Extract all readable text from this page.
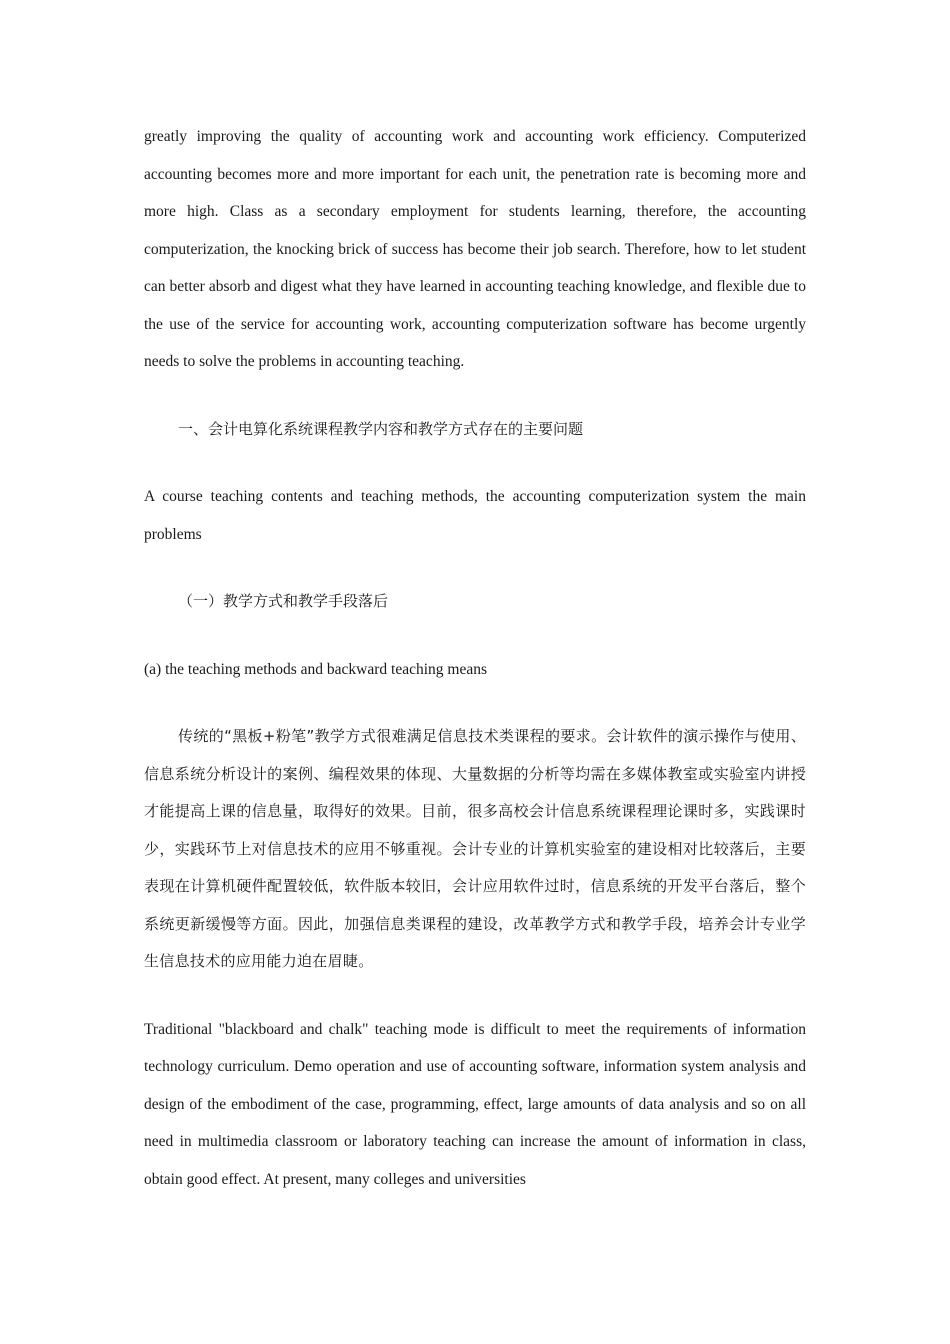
greatly improving the quality of accounting work and accounting work efficiency. Computerized accounting becomes more and more important for each unit, the penetration rate is becoming more and more high. Class as a secondary employment for students learning, therefore, the accounting computerization, the knocking brick of success has become their job search. Therefore, how to let student can better absorb and digest what they have learned in accounting teaching knowledge, and flexible due to the use of the service for accounting work, accounting computerization software has become urgently needs to solve the problems in accounting teaching.

一、会计电算化系统课程教学内容和教学方式存在的主要问题

A course teaching contents and teaching methods, the accounting computerization system the main problems

（一）教学方式和教学手段落后

(a) the teaching methods and backward teaching means

传统的“黑板+粉笔”教学方式很难满足信息技术类课程的要求。会计软件的演示操作与使用、信息系统分析设计的案例、编程效果的体现、大量数据的分析等均需在多媒体教室或实验室内讲授才能提高上课的信息量，取得好的效果。目前，很多高校会计信息系统课程理论课时多，实践课时少，实践环节上对信息技术的应用不够重视。会计专业的计算机实验室的建设相对比较落后，主要表现在计算机硬件配置较低，软件版本较旧，会计应用软件过时，信息系统的开发平台落后，整个系统更新缓慢等方面。因此，加强信息类课程的建设，改革教学方式和教学手段，培养会计专业学生信息技术的应用能力迫在眉睫。

Traditional "blackboard and chalk" teaching mode is difficult to meet the requirements of information technology curriculum. Demo operation and use of accounting software, information system analysis and design of the embodiment of the case, programming, effect, large amounts of data analysis and so on all need in multimedia classroom or laboratory teaching can increase the amount of information in class, obtain good effect. At present, many colleges and universities
